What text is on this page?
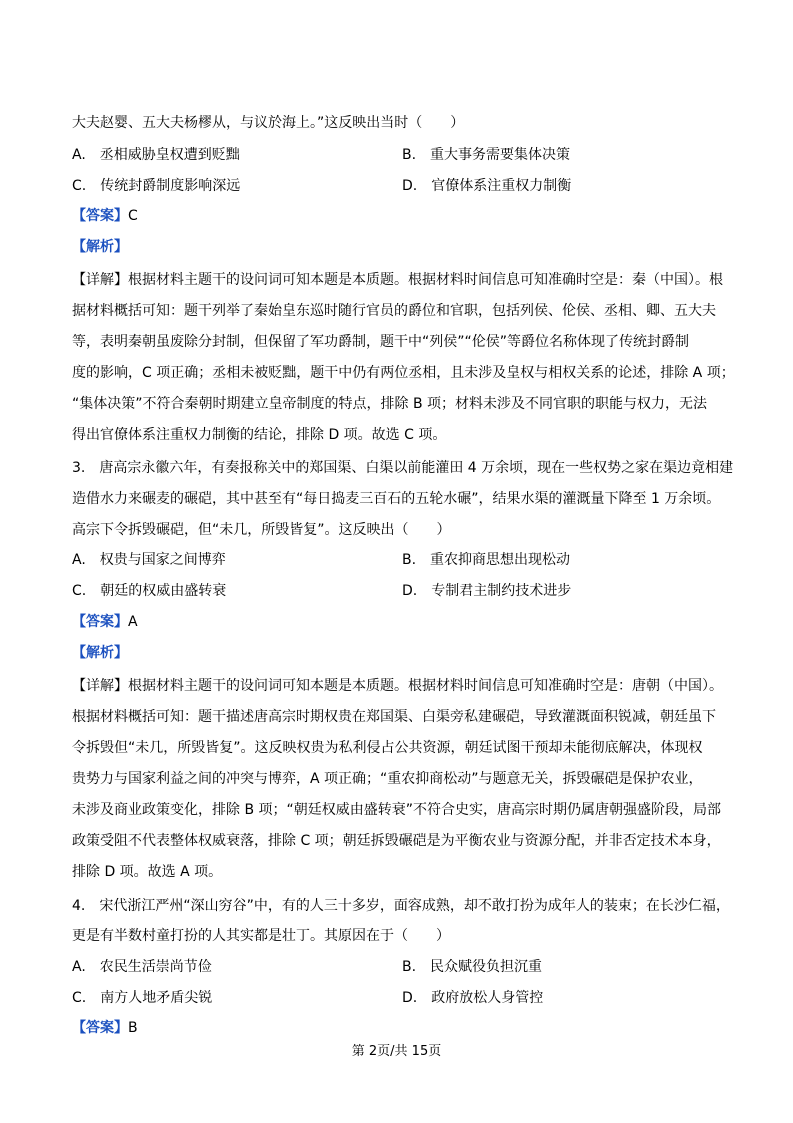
大夫赵婴、五大夫杨樛从，与议於海上。”这反映出当时（　　）
A.　丞相威胁皇权遭到贬黜	B.　重大事务需要集体决策
C.　传统封爵制度影响深远	D.　官僚体系注重权力制衡
【答案】C
【解析】
【详解】根据材料主题干的设问词可知本题是本质题。根据材料时间信息可知准确时空是：秦（中国）。根
据材料概括可知：题干列举了秦始皇东巡时随行官员的爵位和官职，包括列侯、伦侯、丞相、卿、五大夫
等，表明秦朝虽废除分封制，但保留了军功爵制，题干中“列侯”“伦侯”等爵位名称体现了传统封爵制
度的影响，C 项正确；丞相未被贬黜，题干中仍有两位丞相，且未涉及皇权与相权关系的论述，排除 A 项；
“集体决策”不符合秦朝时期建立皇帝制度的特点，排除 B 项；材料未涉及不同官职的职能与权力，无法
得出官僚体系注重权力制衡的结论，排除 D 项。故选 C 项。
3.　唐高宗永徽六年，有奏报称关中的郑国渠、白渠以前能灌田 4 万余顷，现在一些权势之家在渠边竟相建
造借水力来碾麦的碾硙，其中甚至有“每日捣麦三百石的五轮水碾”，结果水渠的灌溉量下降至 1 万余顷。
高宗下令拆毁碾硙，但“未几，所毁皆复”。这反映出（　　）
A.　权贵与国家之间博弈	B.　重农抑商思想出现松动
C.　朝廷的权威由盛转衰	D.　专制君主制约技术进步
【答案】A
【解析】
【详解】根据材料主题干的设问词可知本题是本质题。根据材料时间信息可知准确时空是：唐朝（中国）。
根据材料概括可知：题干描述唐高宗时期权贵在郑国渠、白渠旁私建碾硙，导致灌溉面积锐减，朝廷虽下
令拆毁但“未几，所毁皆复”。这反映权贵为私利侵占公共资源，朝廷试图干预却未能彻底解决，体现权
贵势力与国家利益之间的冲突与博弈，A 项正确；“重农抑商松动”与题意无关，拆毁碾硙是保护农业，
未涉及商业政策变化，排除 B 项；“朝廷权威由盛转衰”不符合史实，唐高宗时期仍属唐朝强盛阶段，局部
政策受阻不代表整体权威衰落，排除 C 项；朝廷拆毁碾硙是为平衡农业与资源分配，并非否定技术本身，
排除 D 项。故选 A 项。
4.　宋代浙江严州“深山穷谷”中，有的人三十多岁，面容成熟，却不敢打扮为成年人的装束；在长沙仁福，
更是有半数村童打扮的人其实都是壮丁。其原因在于（　　）
A.　农民生活崇尚节俭	B.　民众赋役负担沉重
C.　南方人地矛盾尖锐	D.　政府放松人身管控
【答案】B
第 2页/共 15页
